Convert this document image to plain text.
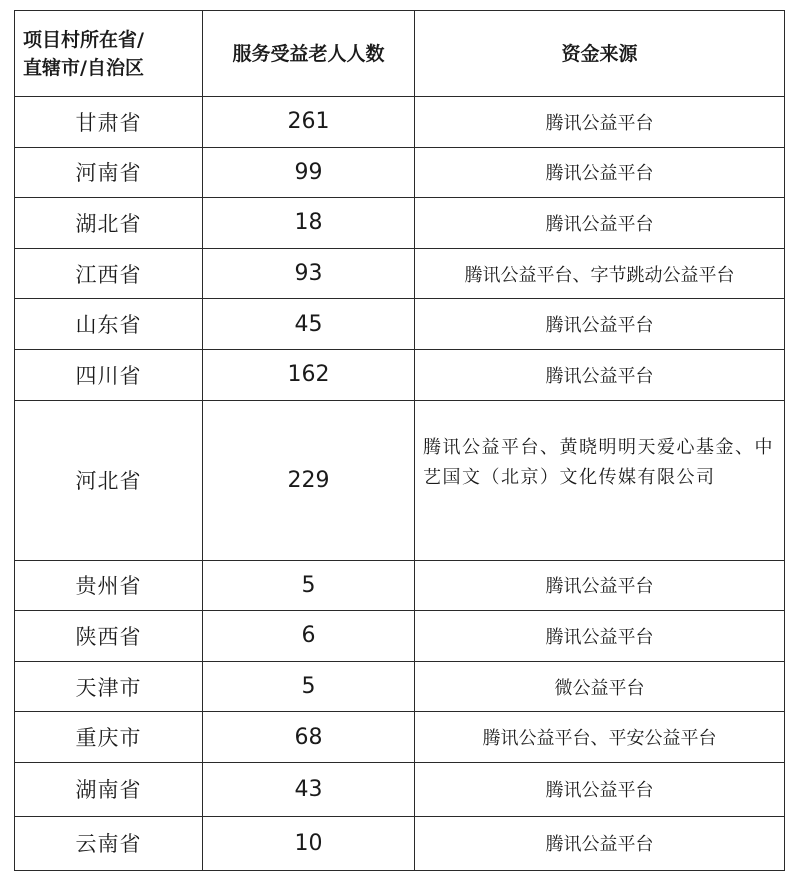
项目村所在省/
直辖市/自治区	服务受益老人人数	资金来源
甘肃省	261	腾讯公益平台
河南省	99	腾讯公益平台
湖北省	18	腾讯公益平台
江西省	93	腾讯公益平台、字节跳动公益平台
山东省	45	腾讯公益平台
四川省	162	腾讯公益平台
河北省	229	腾讯公益平台、黄晓明明天爱心基金、中艺国文（北京）文化传媒有限公司
贵州省	5	腾讯公益平台
陕西省	6	腾讯公益平台
天津市	5	微公益平台
重庆市	68	腾讯公益平台、平安公益平台
湖南省	43	腾讯公益平台
云南省	10	腾讯公益平台
